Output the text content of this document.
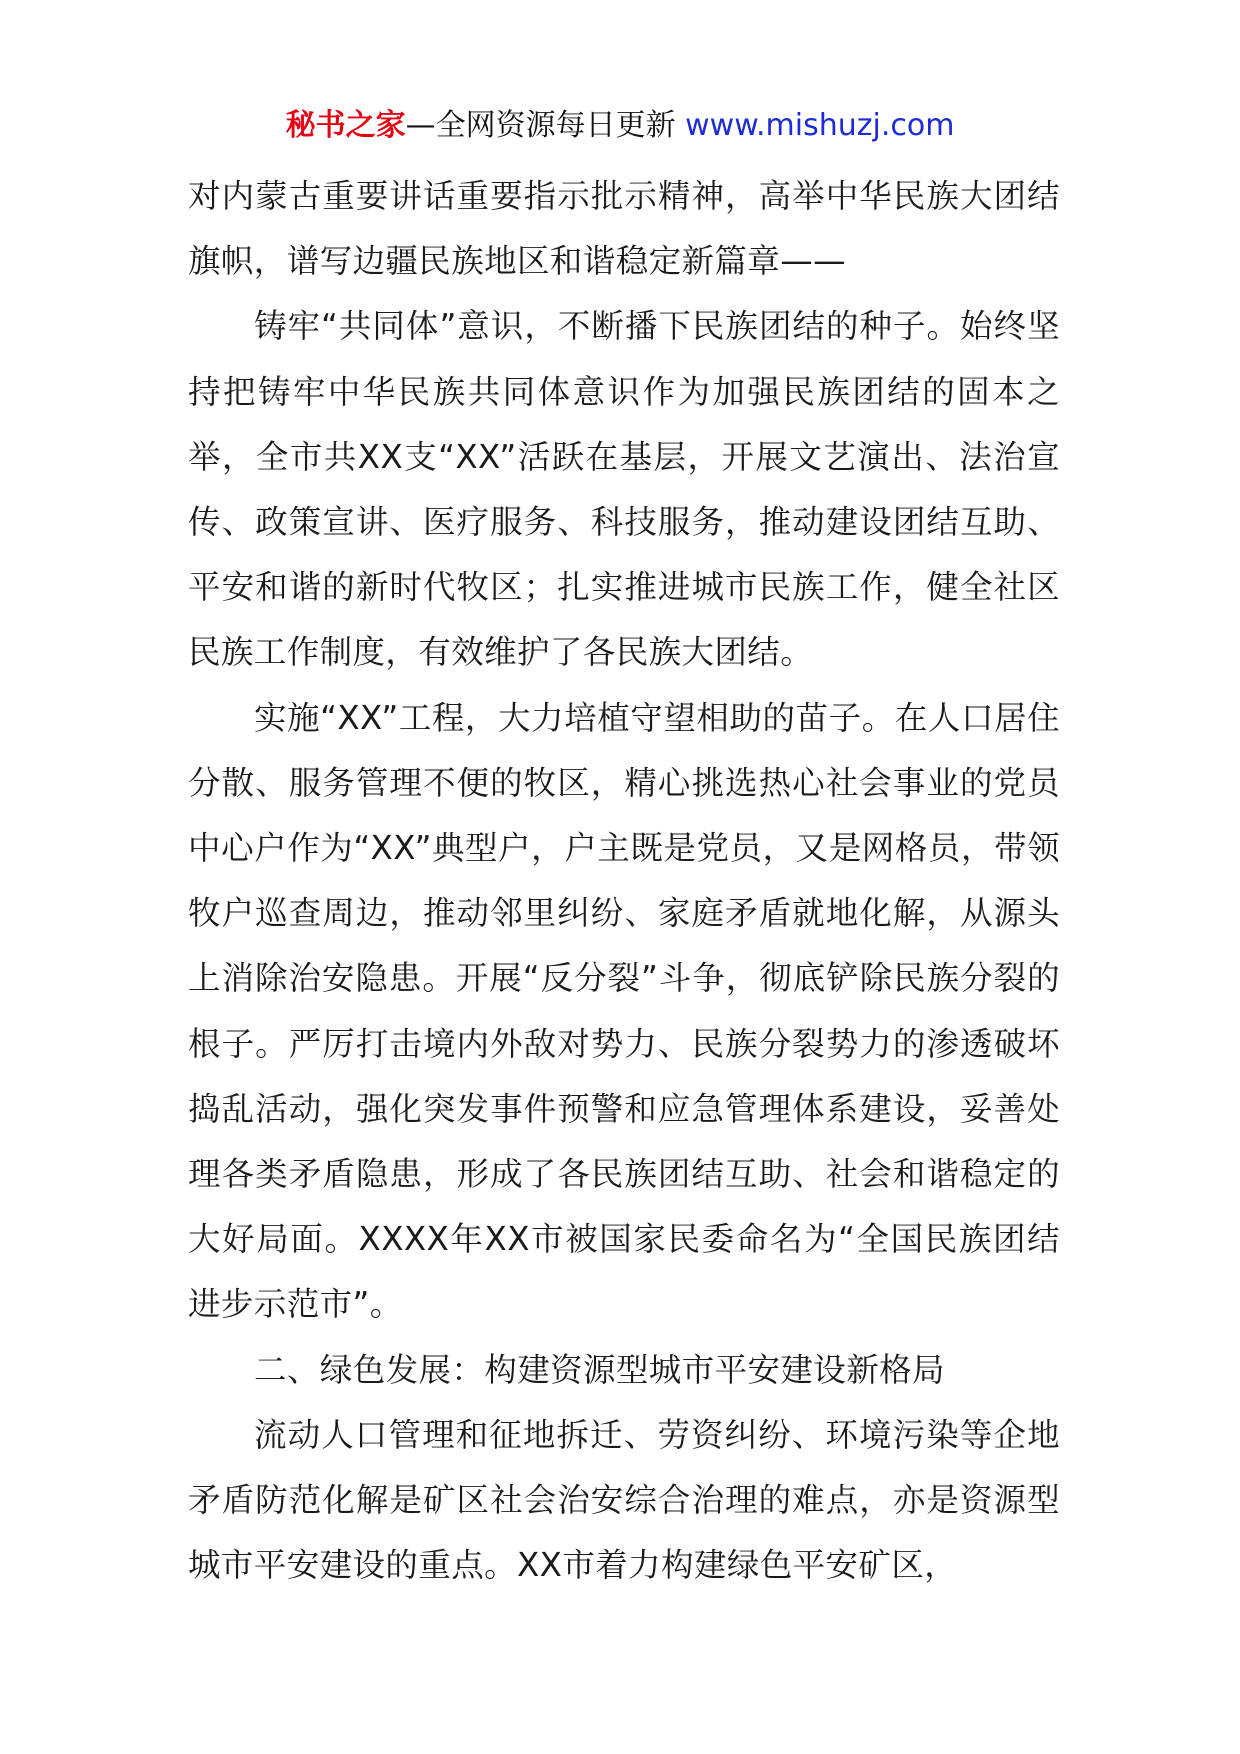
秘书之家—全网资源每日更新 www.mishuzj.com

对内蒙古重要讲话重要指示批示精神，高举中华民族大团结旗帜，谱写边疆民族地区和谐稳定新篇章——

铸牢“共同体”意识，不断播下民族团结的种子。始终坚持把铸牢中华民族共同体意识作为加强民族团结的固本之举，全市共XX支“XX”活跃在基层，开展文艺演出、法治宣传、政策宣讲、医疗服务、科技服务，推动建设团结互助、平安和谐的新时代牧区；扎实推进城市民族工作，健全社区民族工作制度，有效维护了各民族大团结。

实施“XX”工程，大力培植守望相助的苗子。在人口居住分散、服务管理不便的牧区，精心挑选热心社会事业的党员中心户作为“XX”典型户，户主既是党员，又是网格员，带领牧户巡查周边，推动邻里纠纷、家庭矛盾就地化解，从源头上消除治安隐患。开展“反分裂”斗争，彻底铲除民族分裂的根子。严厉打击境内外敌对势力、民族分裂势力的渗透破坏捣乱活动，强化突发事件预警和应急管理体系建设，妥善处理各类矛盾隐患，形成了各民族团结互助、社会和谐稳定的大好局面。XXXX年XX市被国家民委命名为“全国民族团结进步示范市”。

二、绿色发展：构建资源型城市平安建设新格局

流动人口管理和征地拆迁、劳资纠纷、环境污染等企地矛盾防范化解是矿区社会治安综合治理的难点，亦是资源型城市平安建设的重点。XX市着力构建绿色平安矿区，
